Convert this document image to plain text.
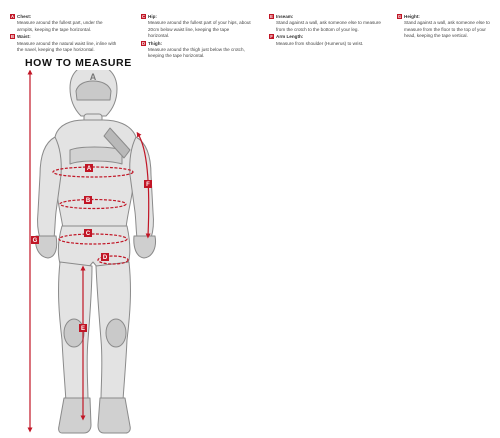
A Chest:
Measure around the fullest part, under the armpits, keeping the tape horizontal.
B Waist:
Measure around the natural waist line, inline with the navel, keeping the tape horizontal.
C Hip:
Measure around the fullest part of your hips, about 20cm below waist line, keeping the tape horizontal.
D Thigh:
Measure around the thigh just below the crotch, keeping the tape horizontal.
E Inseam:
Stand against a wall, ask someone else to measure from the crotch to the bottom of your leg.
F Arm Length:
Measure from shoulder (Humerus) to wrist.
G Height:
Stand against a wall, ask someone else to measure from the floor to the top of your head, keeping the tape vertical.
HOW TO MEASURE
A
A
B
C
D
E
F
G
